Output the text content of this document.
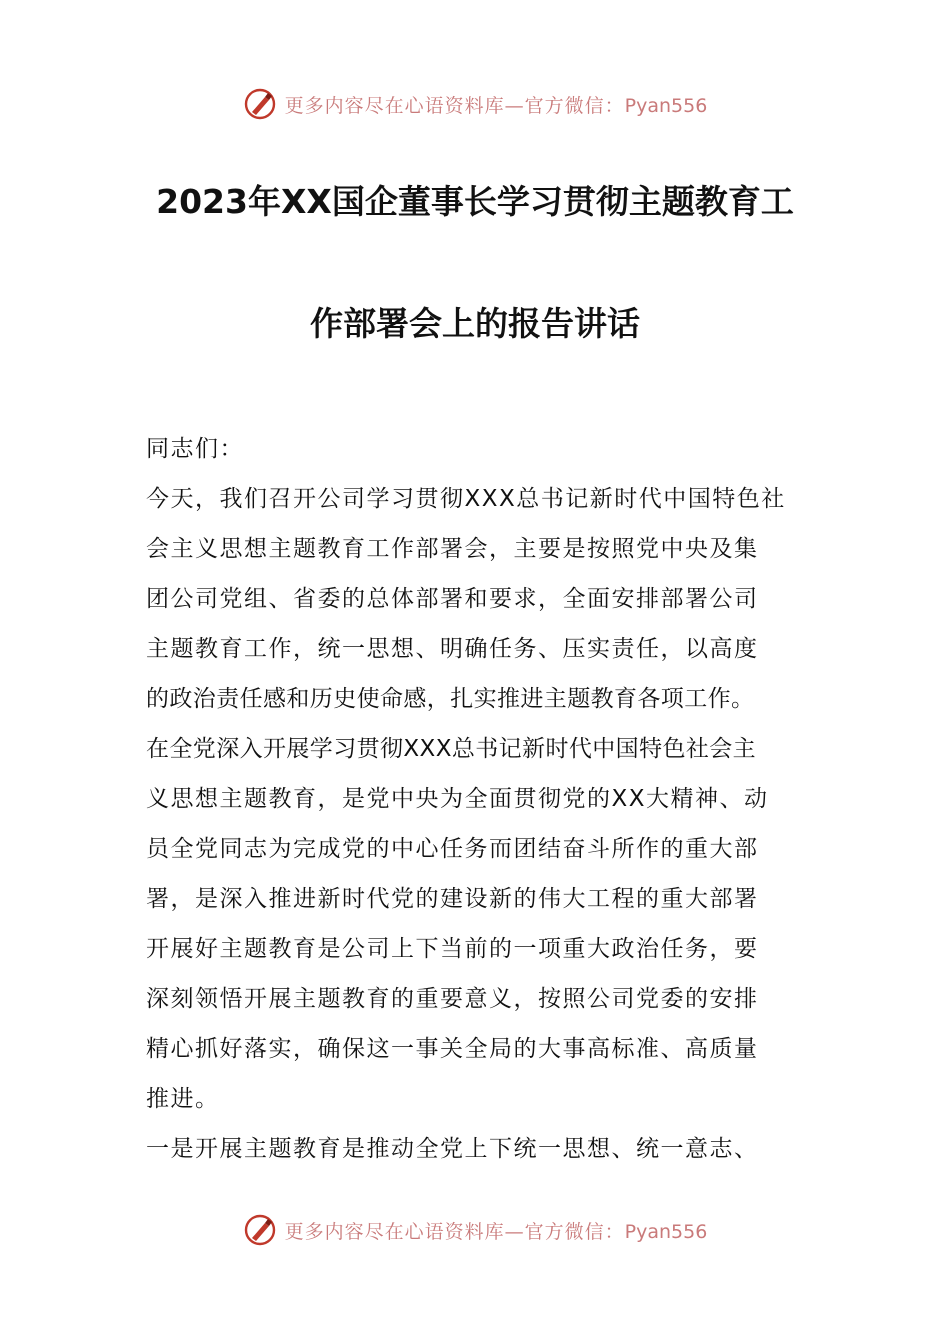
更多内容尽在心语资料库—官方微信：Pyan556
2023年XX国企董事长学习贯彻主题教育工
作部署会上的报告讲话
同志们：
今天，我们召开公司学习贯彻XXX总书记新时代中国特色社
会主义思想主题教育工作部署会，主要是按照党中央及集
团公司党组、省委的总体部署和要求，全面安排部署公司
主题教育工作，统一思想、明确任务、压实责任，以高度
的政治责任感和历史使命感，扎实推进主题教育各项工作。
在全党深入开展学习贯彻XXX总书记新时代中国特色社会主
义思想主题教育，是党中央为全面贯彻党的XX大精神、动
员全党同志为完成党的中心任务而团结奋斗所作的重大部
署，是深入推进新时代党的建设新的伟大工程的重大部署
开展好主题教育是公司上下当前的一项重大政治任务，要
深刻领悟开展主题教育的重要意义，按照公司党委的安排
精心抓好落实，确保这一事关全局的大事高标准、高质量
推进。
一是开展主题教育是推动全党上下统一思想、统一意志、
更多内容尽在心语资料库—官方微信：Pyan556
